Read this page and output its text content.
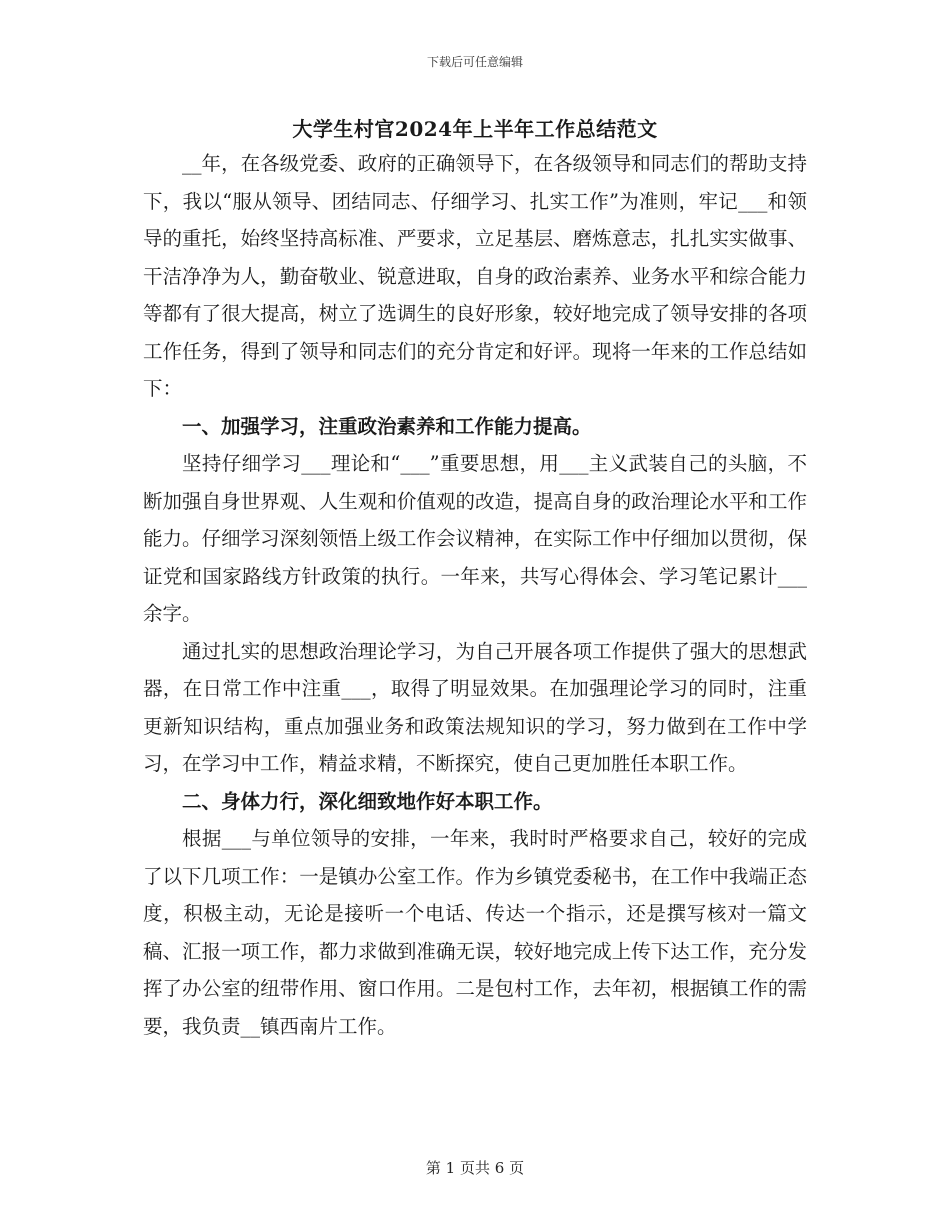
下载后可任意编辑
大学生村官2024年上半年工作总结范文

__年，在各级党委、政府的正确领导下，在各级领导和同志们的帮助支持下，我以“服从领导、团结同志、仔细学习、扎实工作”为准则，牢记___和领导的重托，始终坚持高标准、严要求，立足基层、磨炼意志，扎扎实实做事、干洁净净为人，勤奋敬业、锐意进取，自身的政治素养、业务水平和综合能力等都有了很大提高，树立了选调生的良好形象，较好地完成了领导安排的各项工作任务，得到了领导和同志们的充分肯定和好评。现将一年来的工作总结如下：

一、加强学习，注重政治素养和工作能力提高。

坚持仔细学习___理论和“___”重要思想，用___主义武装自己的头脑，不断加强自身世界观、人生观和价值观的改造，提高自身的政治理论水平和工作能力。仔细学习深刻领悟上级工作会议精神，在实际工作中仔细加以贯彻，保证党和国家路线方针政策的执行。一年来，共写心得体会、学习笔记累计___余字。

通过扎实的思想政治理论学习，为自己开展各项工作提供了强大的思想武器，在日常工作中注重___，取得了明显效果。在加强理论学习的同时，注重更新知识结构，重点加强业务和政策法规知识的学习，努力做到在工作中学习，在学习中工作，精益求精，不断探究，使自己更加胜任本职工作。

二、身体力行，深化细致地作好本职工作。

根据___与单位领导的安排，一年来，我时时严格要求自己，较好的完成了以下几项工作：一是镇办公室工作。作为乡镇党委秘书，在工作中我端正态度，积极主动，无论是接听一个电话、传达一个指示，还是撰写核对一篇文稿、汇报一项工作，都力求做到准确无误，较好地完成上传下达工作，充分发挥了办公室的纽带作用、窗口作用。二是包村工作，去年初，根据镇工作的需要，我负责__镇西南片工作。

第 1 页共 6 页
